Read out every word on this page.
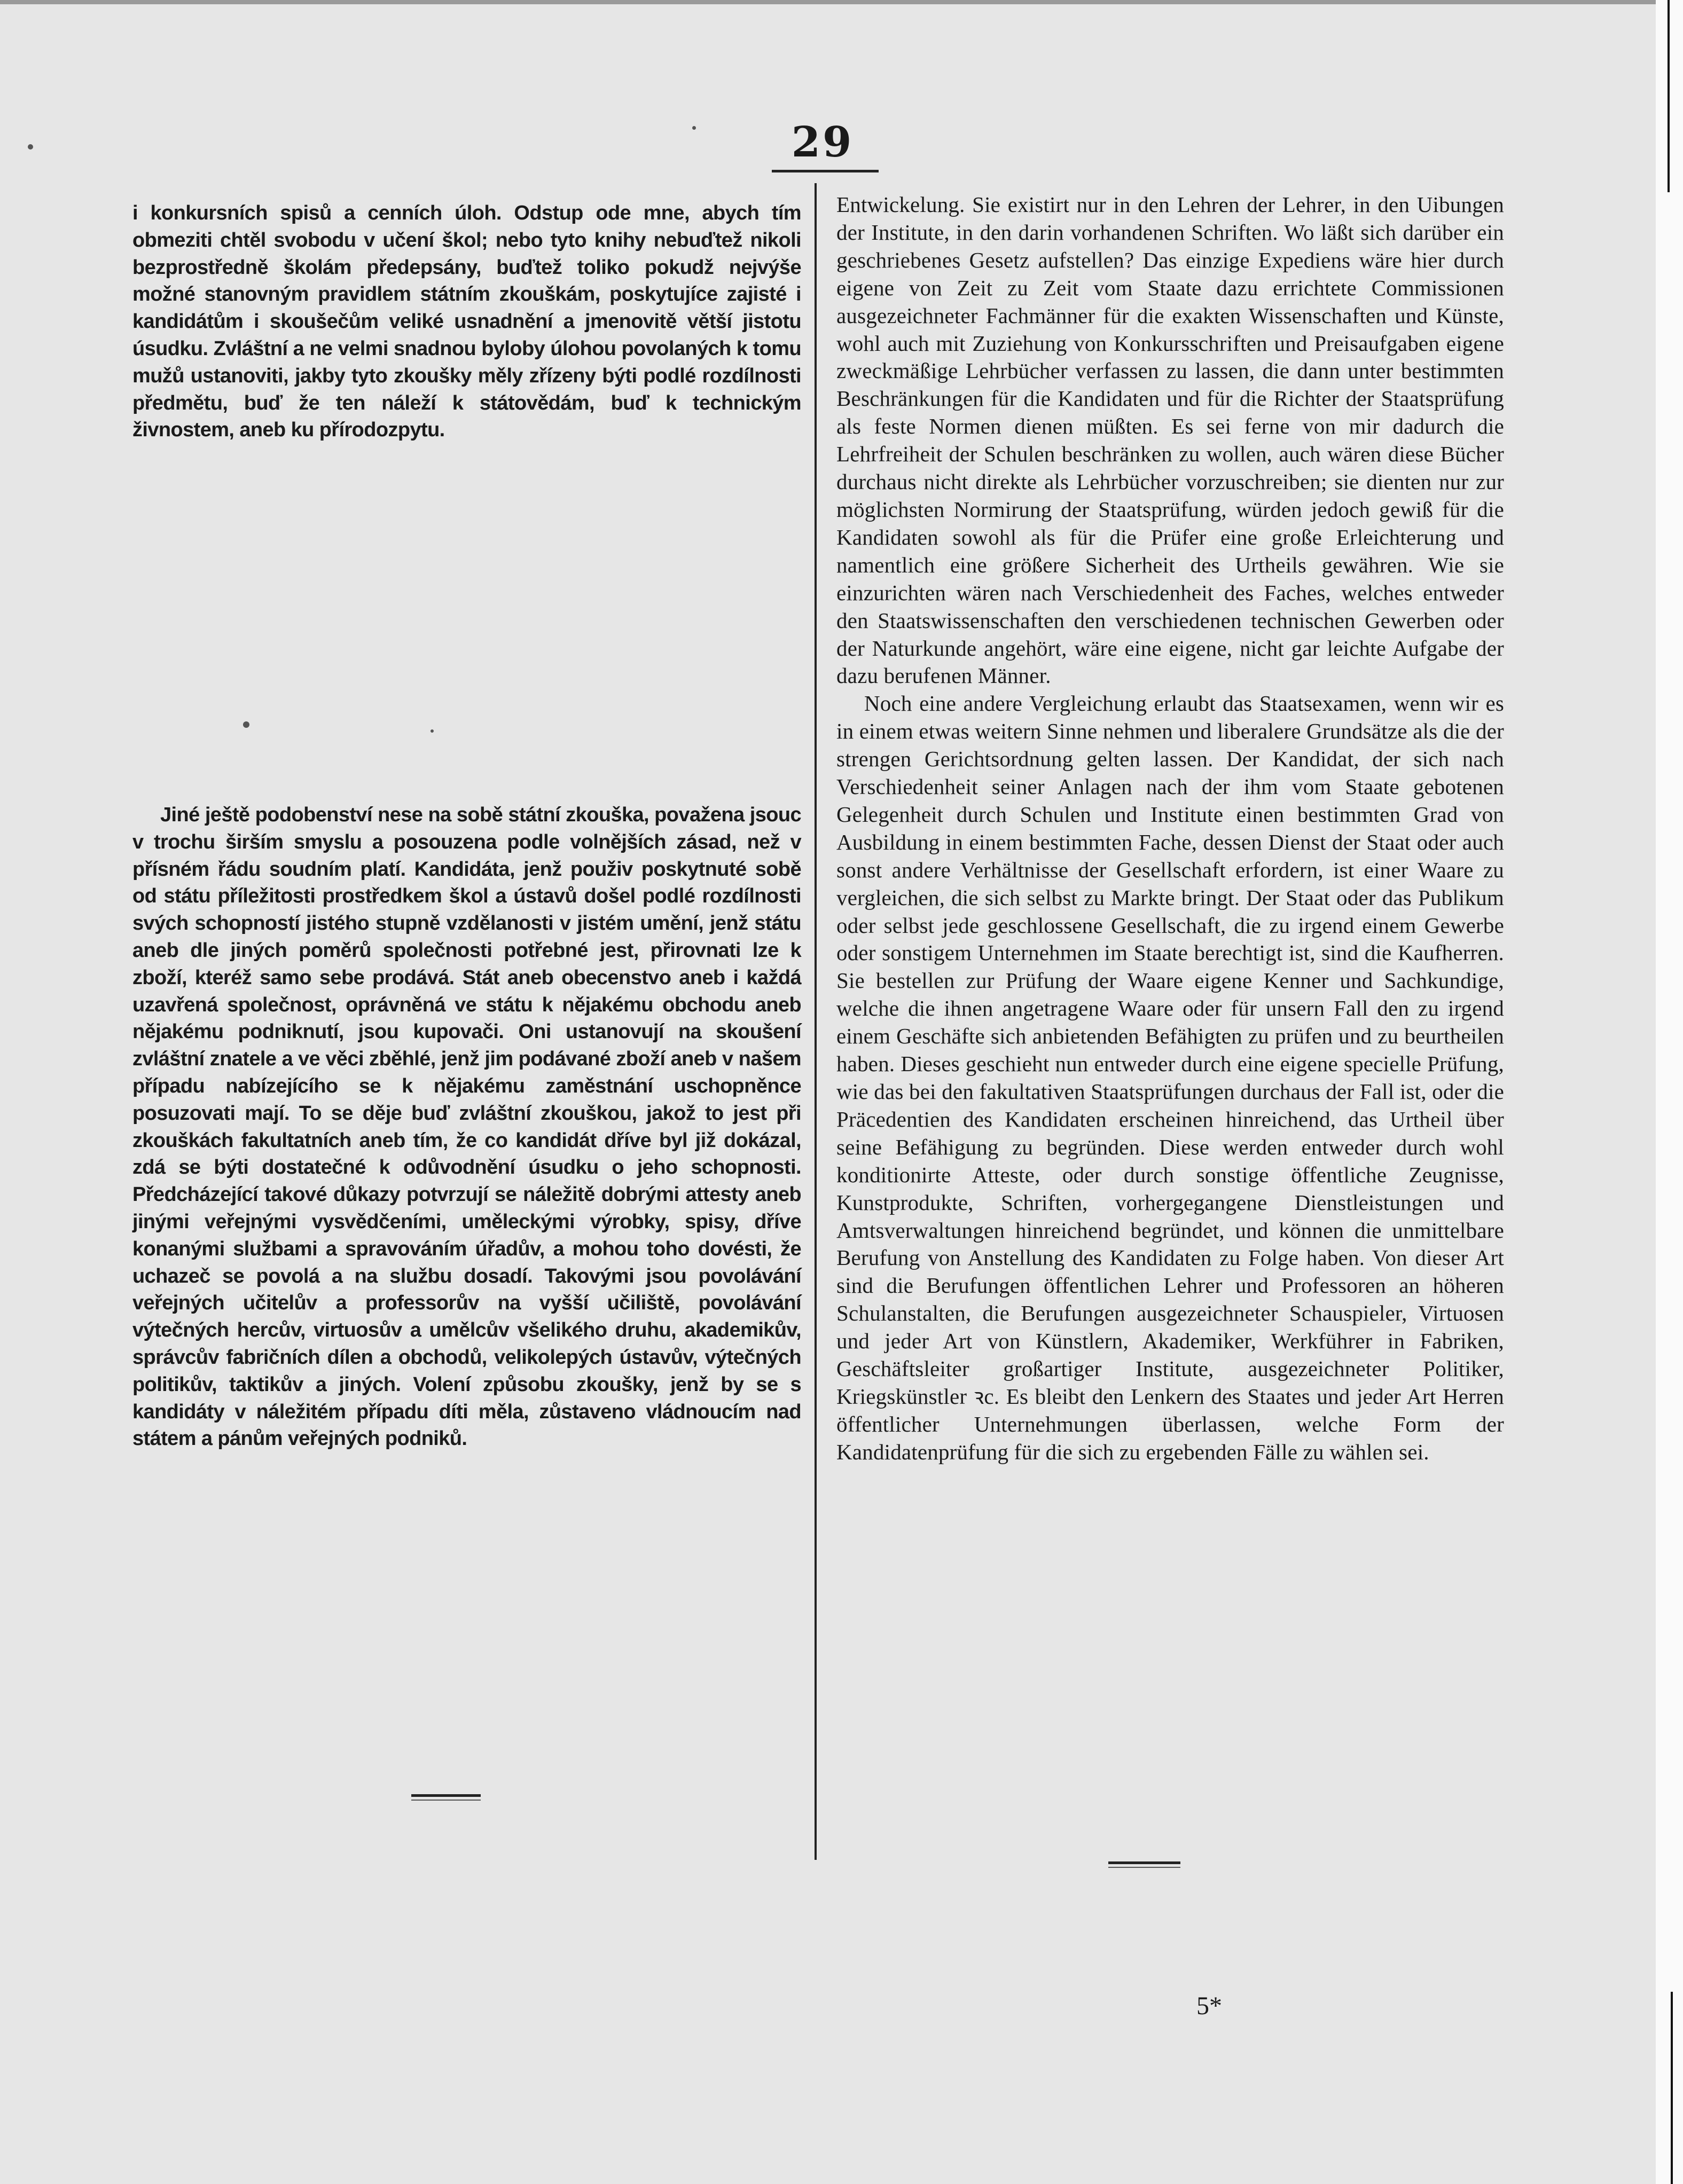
29

i konkursních spisů a cenních úloh. Odstup ode mne, abych tím obmeziti chtěl svobodu v učení škol; nebo tyto knihy nebuďtež nikoli bezprostředně školám předepsány, buďtež toliko pokudž nejvýše možné stanovným pravidlem státním zkouškám, poskytujíce zajisté i kandidátům i skoušečům veliké usnadnění a jmenovitě větší jistotu úsudku. Zvláštní a ne velmi snadnou byloby úlohou povolaných k tomu mužů ustanoviti, jakby tyto zkoušky měly zřízeny býti podlé rozdílnosti předmětu, buď že ten náleží k státovědám, buď k technickým živnostem, aneb ku přírodozpytu.

Jiné ještě podobenství nese na sobě státní zkouška, považena jsouc v trochu širším smyslu a posouzena podle volnějších zásad, než v přísném řádu soudním platí. Kandidáta, jenž použiv poskytnuté sobě od státu příležitosti prostředkem škol a ústavů došel podlé rozdílnosti svých schopností jistého stupně vzdělanosti v jistém umění, jenž státu aneb dle jiných poměrů společnosti potřebné jest, přirovnati lze k zboží, kteréž samo sebe prodává. Stát aneb obecenstvo aneb i každá uzavřená společnost, oprávněná ve státu k nějakému obchodu aneb nějakému podniknutí, jsou kupovači. Oni ustanovují na skoušení zvláštní znatele a ve věci zběhlé, jenž jim podávané zboží aneb v našem případu nabízejícího se k nějakému zaměstnání uschopněnce posuzovati mají. To se děje buď zvláštní zkouškou, jakož to jest při zkouškách fakultatních aneb tím, že co kandidát dříve byl již dokázal, zdá se býti dostatečné k odůvodnění úsudku o jeho schopnosti. Předcházející takové důkazy potvrzují se náležitě dobrými attesty aneb jinými veřejnými vysvědčeními, uměleckými výrobky, spisy, dříve konanými službami a spravováním úřadův, a mohou toho dovésti, že uchazeč se povolá a na službu dosadí. Takovými jsou povolávání veřejných učitelův a professorův na vyšší učiliště, povolávání výtečných hercův, virtuosův a umělcův všelikého druhu, akademikův, správcův fabričních dílen a obchodů, velikolepých ústavův, výtečných politikův, taktikův a jiných. Volení způsobu zkoušky, jenž by se s kandidáty v náležitém případu díti měla, zůstaveno vládnoucím nad státem a pánům veřejných podniků.

Entwickelung. Sie existirt nur in den Lehren der Lehrer, in den Uibungen der Institute, in den darin vorhandenen Schriften. Wo läßt sich darüber ein geschriebenes Gesetz aufstellen? Das einzige Expediens wäre hier durch eigene von Zeit zu Zeit vom Staate dazu errichtete Commissionen ausgezeichneter Fachmänner für die exakten Wissenschaften und Künste, wohl auch mit Zuziehung von Konkursschriften und Preisaufgaben eigene zweckmäßige Lehrbücher verfassen zu lassen, die dann unter bestimmten Beschränkungen für die Kandidaten und für die Richter der Staatsprüfung als feste Normen dienen müßten. Es sei ferne von mir dadurch die Lehrfreiheit der Schulen beschränken zu wollen, auch wären diese Bücher durchaus nicht direkte als Lehrbücher vorzuschreiben; sie dienten nur zur möglichsten Normirung der Staatsprüfung, würden jedoch gewiß für die Kandidaten sowohl als für die Prüfer eine große Erleichterung und namentlich eine größere Sicherheit des Urtheils gewähren. Wie sie einzurichten wären nach Verschiedenheit des Faches, welches entweder den Staatswissenschaften den verschiedenen technischen Gewerben oder der Naturkunde angehört, wäre eine eigene, nicht gar leichte Aufgabe der dazu berufenen Männer.

Noch eine andere Vergleichung erlaubt das Staatsexamen, wenn wir es in einem etwas weitern Sinne nehmen und liberalere Grundsätze als die der strengen Gerichtsordnung gelten lassen. Der Kandidat, der sich nach Verschiedenheit seiner Anlagen nach der ihm vom Staate gebotenen Gelegenheit durch Schulen und Institute einen bestimmten Grad von Ausbildung in einem bestimmten Fache, dessen Dienst der Staat oder auch sonst andere Verhältnisse der Gesellschaft erfordern, ist einer Waare zu vergleichen, die sich selbst zu Markte bringt. Der Staat oder das Publikum oder selbst jede geschlossene Gesellschaft, die zu irgend einem Gewerbe oder sonstigem Unternehmen im Staate berechtigt ist, sind die Kaufherren. Sie bestellen zur Prüfung der Waare eigene Kenner und Sachkundige, welche die ihnen angetragene Waare oder für unsern Fall den zu irgend einem Geschäfte sich anbietenden Befähigten zu prüfen und zu beurtheilen haben. Dieses geschieht nun entweder durch eine eigene specielle Prüfung, wie das bei den fakultativen Staatsprüfungen durchaus der Fall ist, oder die Präcedentien des Kandidaten erscheinen hinreichend, das Urtheil über seine Befähigung zu begründen. Diese werden entweder durch wohl konditionirte Atteste, oder durch sonstige öffentliche Zeugnisse, Kunstprodukte, Schriften, vorhergegangene Dienstleistungen und Amtsverwaltungen hinreichend begründet, und können die unmittelbare Berufung von Anstellung des Kandidaten zu Folge haben. Von dieser Art sind die Berufungen öffentlichen Lehrer und Professoren an höheren Schulanstalten, die Berufungen ausgezeichneter Schauspieler, Virtuosen und jeder Art von Künstlern, Akademiker, Werkführer in Fabriken, Geschäftsleiter großartiger Institute, ausgezeichneter Politiker, Kriegskünstler ꝛc. Es bleibt den Lenkern des Staates und jeder Art Herren öffentlicher Unternehmungen überlassen, welche Form der Kandidatenprüfung für die sich zu ergebenden Fälle zu wählen sei.

5*
